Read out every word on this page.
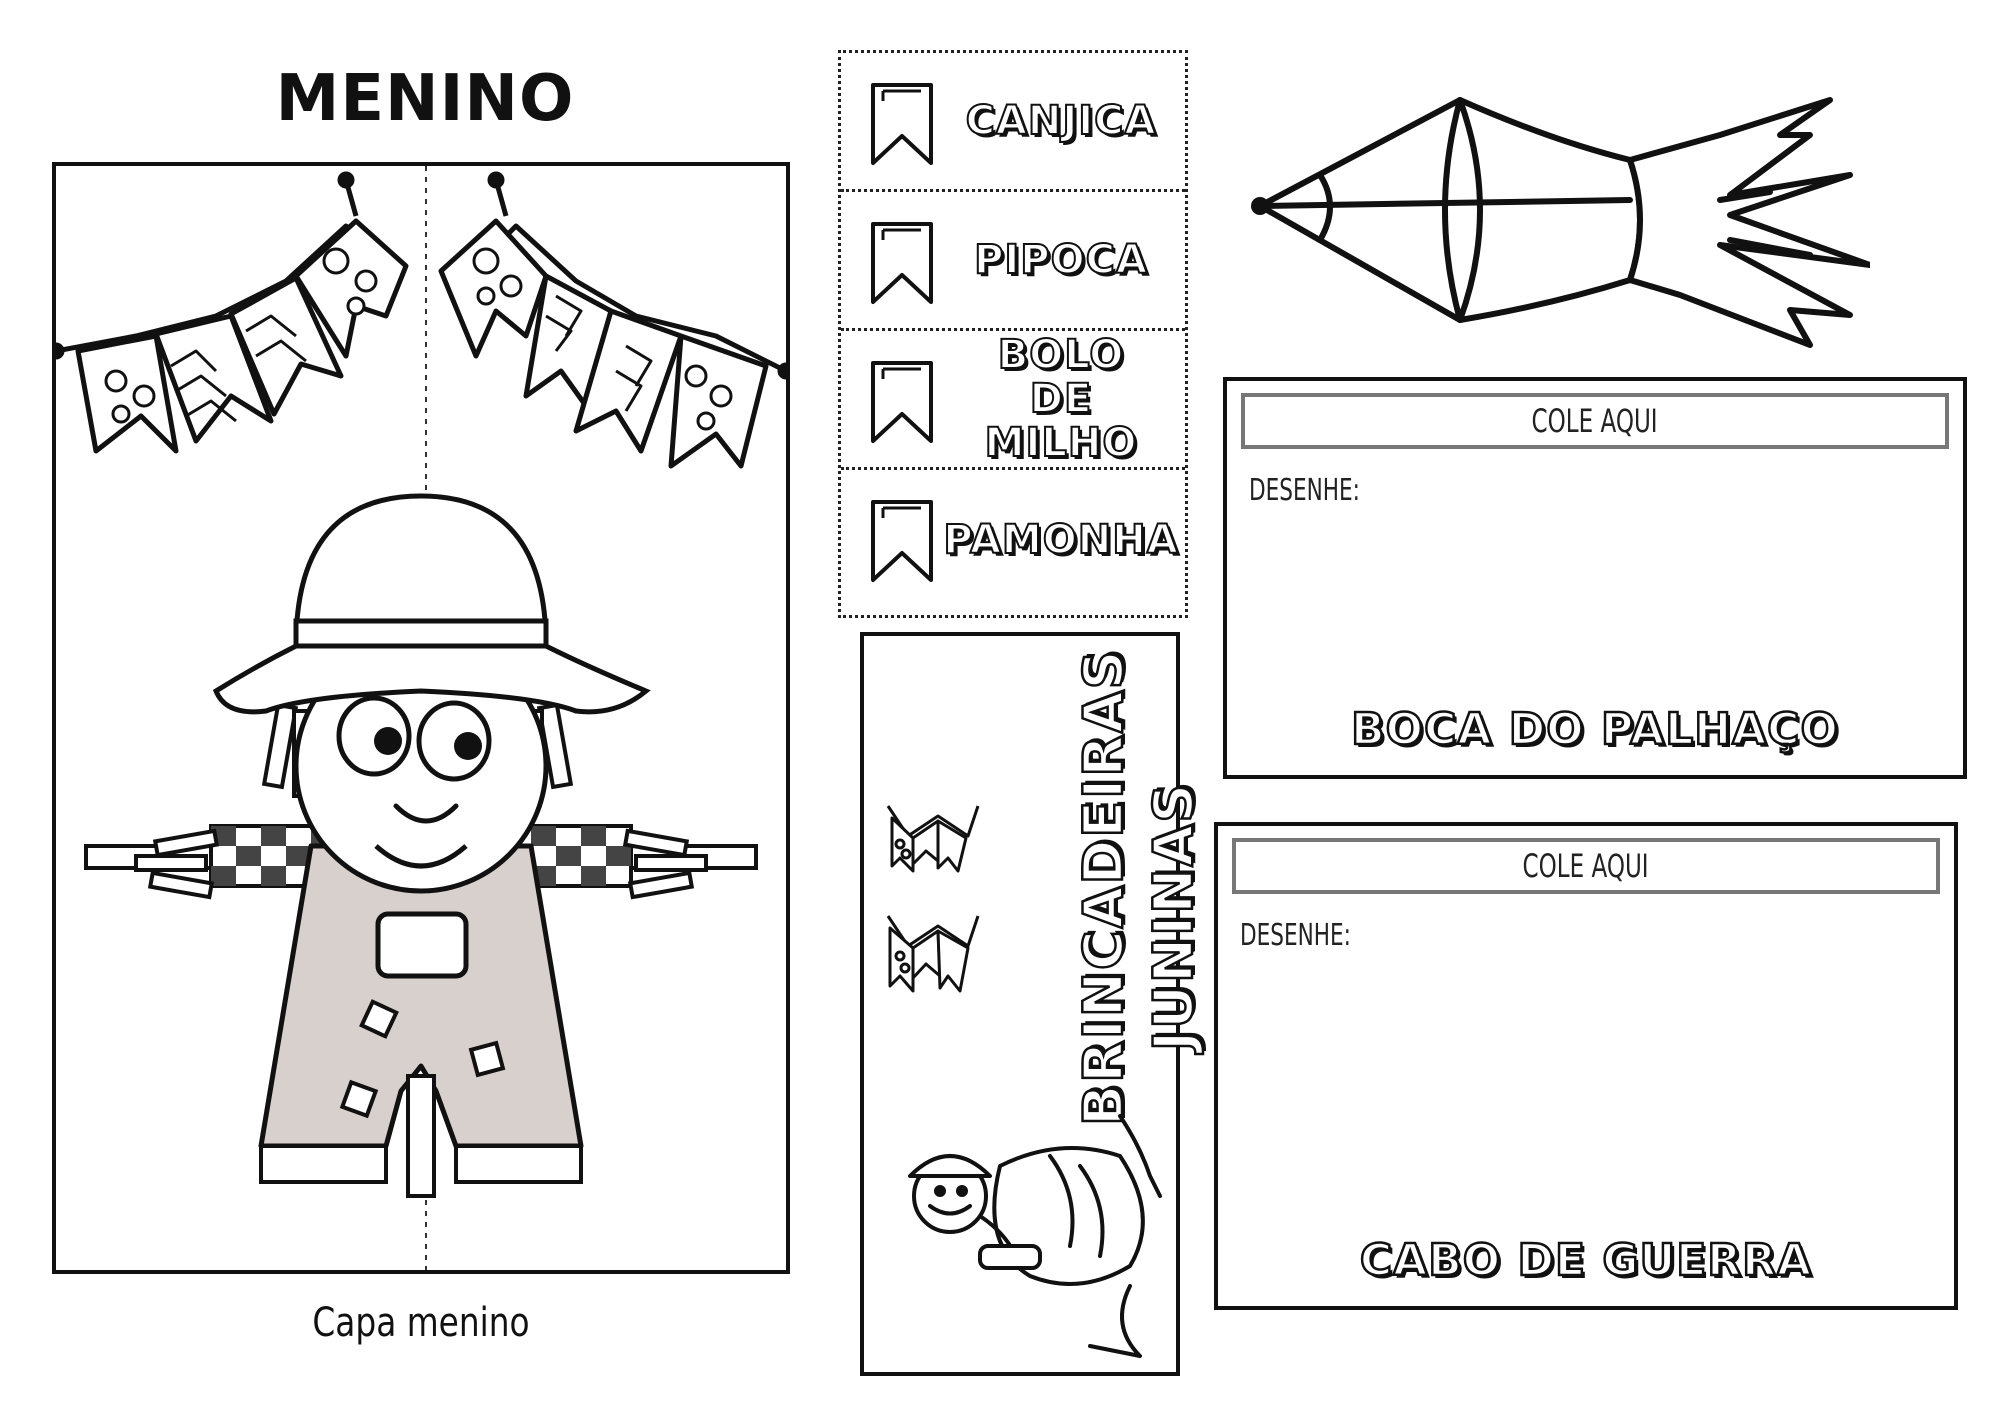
MENINO
Capa menino
CANJICA
PIPOCA
BOLO DE MILHO
PAMONHA
BRINCADEIRAS JUNINAS
COLE AQUI
DESENHE:
BOCA DO PALHAÇO
COLE AQUI
DESENHE:
CABO DE GUERRA
